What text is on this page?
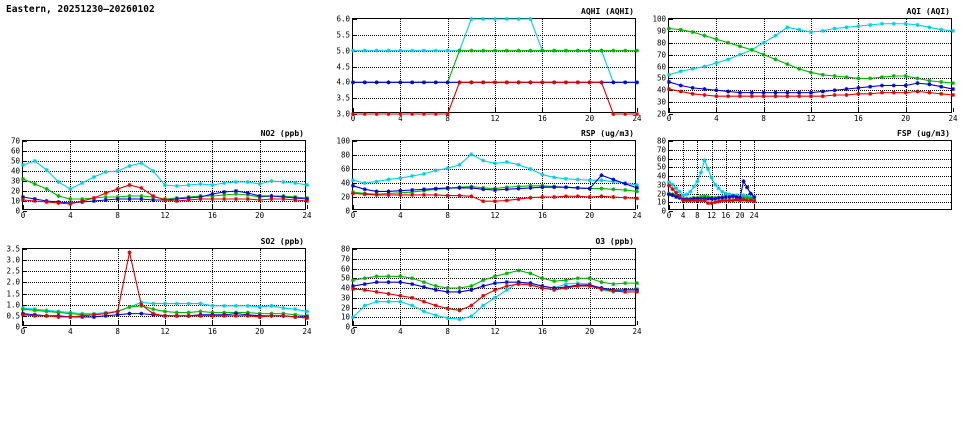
Eastern, 20251230–20260102	AQHI (AQHI)
3.0
3.5
4.0
4.5
5.0
5.5
6.0
0	4	8	12	16	20	24
AQI (AQI)
20
30
40
50
60
70
80
90
100
0	4	8	12	16	20	24
NO2 (ppb)
0
10
20
30
40
50
60
70
0	4	8	12	16	20	24
RSP (ug/m3)
0
20
40
60
80
100
0	4	8	12	16	20	24
FSP (ug/m3)
0
10
20
30
40
50
60
70
80
0 4 8 12 16 20 24
SO2 (ppb)
0
0.5
1.0
1.5
2.0
2.5
3.0
3.5
0	4	8	12	16	20	24
O3 (ppb)
0
10
20
30
40
50
60
70
80
0	4	8	12	16	20	24
